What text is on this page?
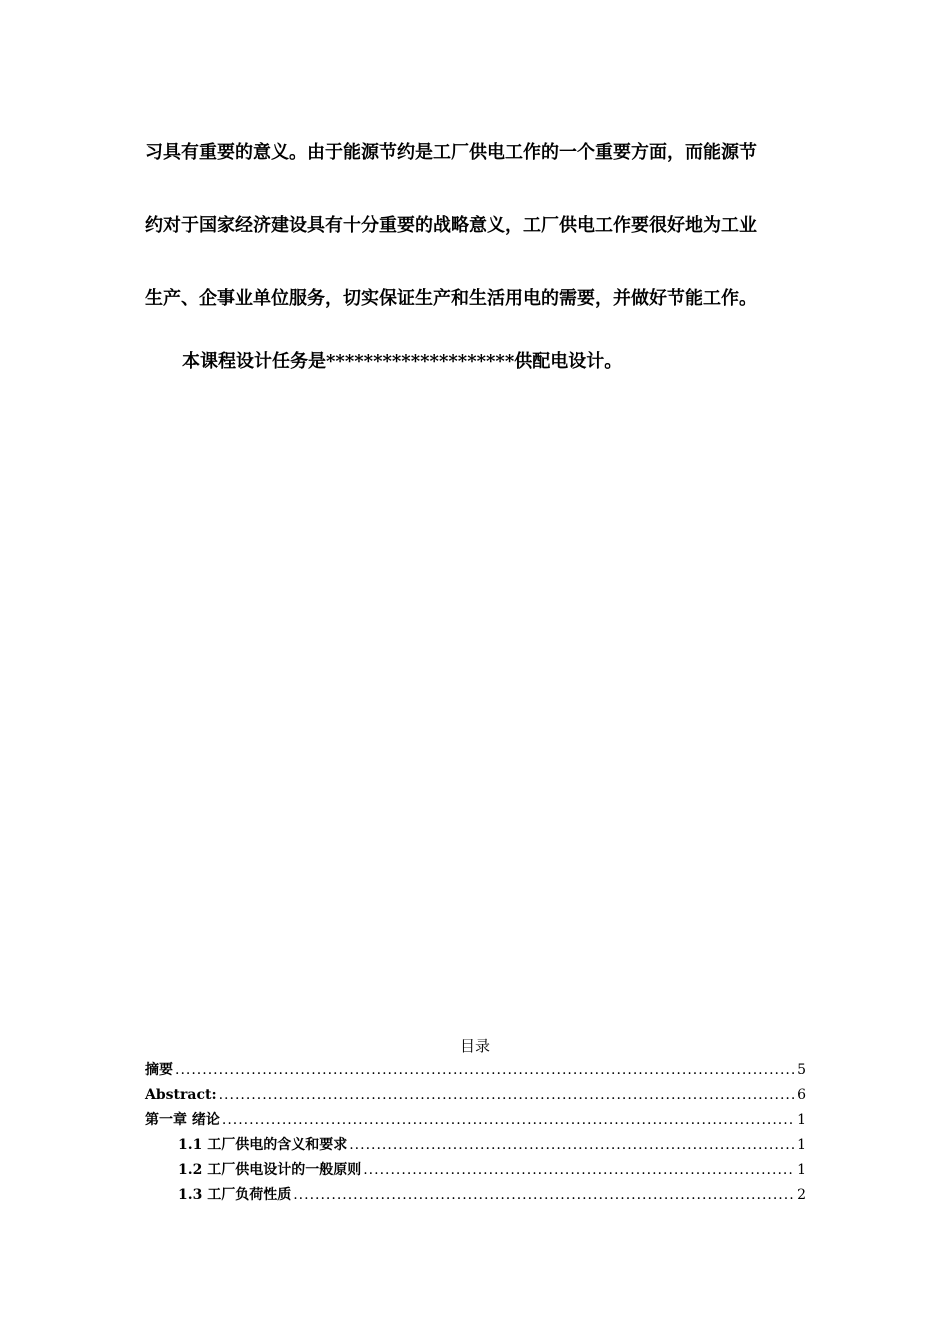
习具有重要的意义。由于能源节约是工厂供电工作的一个重要方面，而能源节
约对于国家经济建设具有十分重要的战略意义，工厂供电工作要很好地为工业
生产、企事业单位服务，切实保证生产和生活用电的需要，并做好节能工作。
本课程设计任务是********************供配电设计。
目录
摘要 .....	5
Abstract: .....	6
第一章 绪论 .....	1
1.1 工厂供电的含义和要求 .....	1
1.2 工厂供电设计的一般原则 .....	1
1.3 工厂负荷性质 .....	2
